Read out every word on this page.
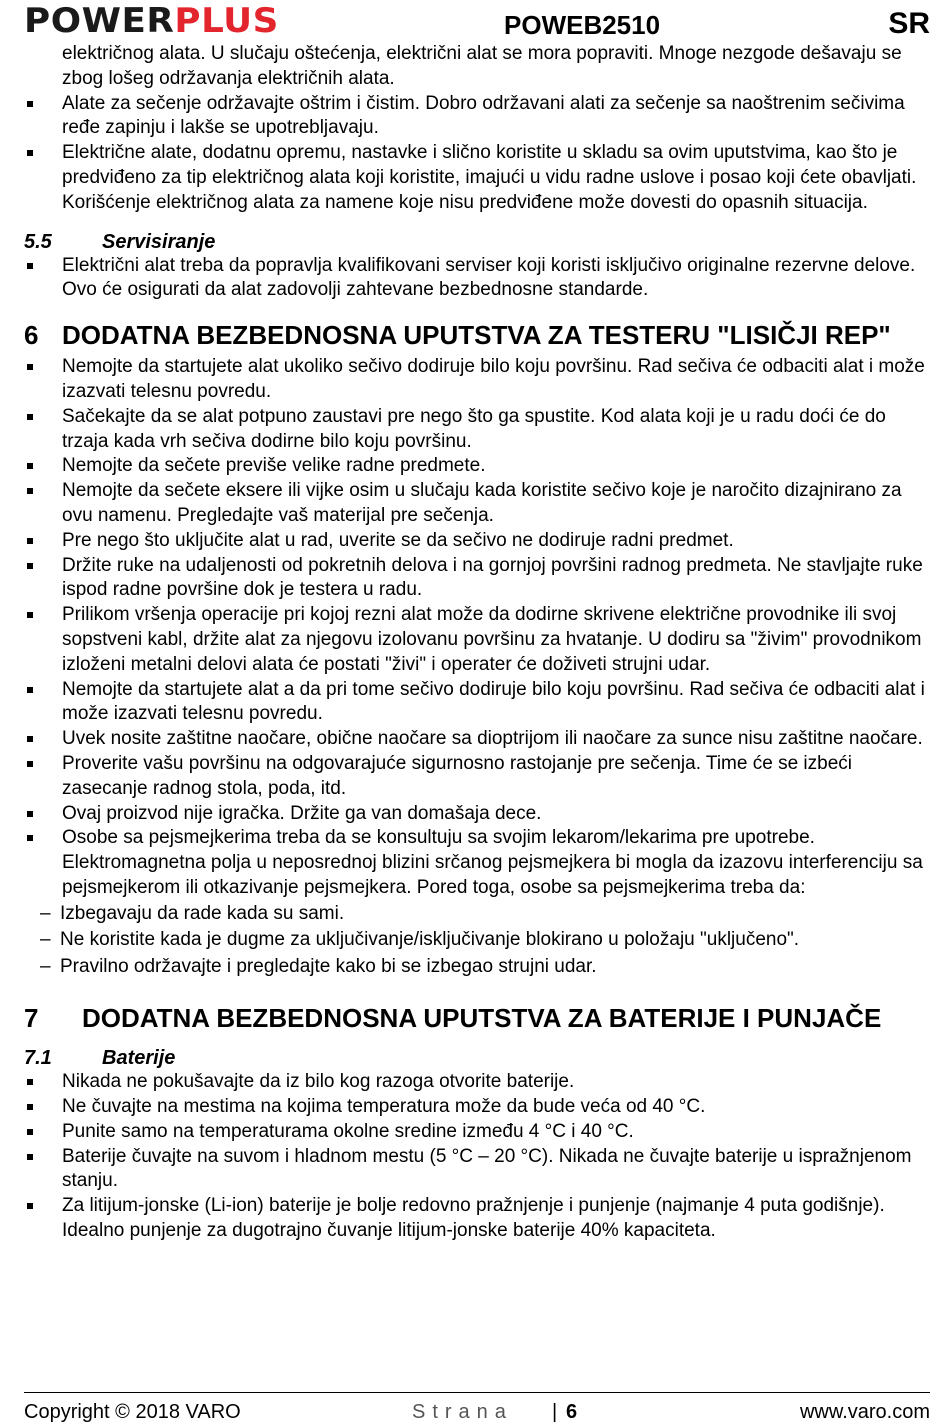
POWERPLUS	POWEB2510	SR

električnog alata. U slučaju oštećenja, električni alat se mora popraviti. Mnoge nezgode dešavaju se zbog lošeg održavanja električnih alata.

Alate za sečenje održavajte oštrim i čistim. Dobro održavani alati za sečenje sa naoštrenim sečivima ređe zapinju i lakše se upotrebljavaju.
Električne alate, dodatnu opremu, nastavke i slično koristite u skladu sa ovim uputstvima, kao što je predviđeno za tip električnog alata koji koristite, imajući u vidu radne uslove i posao koji ćete obavljati. Korišćenje električnog alata za namene koje nisu predviđene može dovesti do opasnih situacija.
5.5	Servisiranje
Električni alat treba da popravlja kvalifikovani serviser koji koristi isključivo originalne rezervne delove. Ovo će osigurati da alat zadovolji zahtevane bezbednosne standarde.
6 DODATNA BEZBEDNOSNA UPUTSTVA ZA TESTERU "LISIČJI REP"
Nemojte da startujete alat ukoliko sečivo dodiruje bilo koju površinu. Rad sečiva će odbaciti alat i može izazvati telesnu povredu.
Sačekajte da se alat potpuno zaustavi pre nego što ga spustite. Kod alata koji je u radu doći će do trzaja kada vrh sečiva dodirne bilo koju površinu.
Nemojte da sečete previše velike radne predmete.
Nemojte da sečete eksere ili vijke osim u slučaju kada koristite sečivo koje je naročito dizajnirano za ovu namenu. Pregledajte vaš materijal pre sečenja.
Pre nego što uključite alat u rad, uverite se da sečivo ne dodiruje radni predmet.
Držite ruke na udaljenosti od pokretnih delova i na gornjoj površini radnog predmeta. Ne stavljajte ruke ispod radne površine dok je testera u radu.
Prilikom vršenja operacije pri kojoj rezni alat može da dodirne skrivene električne provodnike ili svoj sopstveni kabl, držite alat za njegovu izolovanu površinu za hvatanje. U dodiru sa "živim" provodnikom izloženi metalni delovi alata će postati "živi" i operater će doživeti strujni udar.
Nemojte da startujete alat a da pri tome sečivo dodiruje bilo koju površinu. Rad sečiva će odbaciti alat i može izazvati telesnu povredu.
Uvek nosite zaštitne naočare, obične naočare sa dioptrijom ili naočare za sunce nisu zaštitne naočare.
Proverite vašu površinu na odgovarajuće sigurnosno rastojanje pre sečenja. Time će se izbeći zasecanje radnog stola, poda, itd.
Ovaj proizvod nije igračka. Držite ga van domašaja dece.
Osobe sa pejsmejkerima treba da se konsultuju sa svojim lekarom/lekarima pre upotrebe.

Elektromagnetna polja u neposrednoj blizini srčanog pejsmejkera bi mogla da izazovu interferenciju sa pejsmejkerom ili otkazivanje pejsmejkera. Pored toga, osobe sa pejsmejkerima treba da:

– Izbegavaju da rade kada su sami.
– Ne koristite kada je dugme za uključivanje/isključivanje blokirano u položaju "uključeno".
– Pravilno održavajte i pregledajte kako bi se izbegao strujni udar.
7 DODATNA BEZBEDNOSNA UPUTSTVA ZA BATERIJE I PUNJAČE
7.1	Baterije
Nikada ne pokušavajte da iz bilo kog razoga otvorite baterije.
Ne čuvajte na mestima na kojima temperatura može da bude veća od 40 °C.
Punite samo na temperaturama okolne sredine između 4 °C i 40 °C.
Baterije čuvajte na suvom i hladnom mestu (5 °C – 20 °C). Nikada ne čuvajte baterije u ispražnjenom stanju.
Za litijum-jonske (Li-ion) baterije je bolje redovno pražnjenje i punjenje (najmanje 4 puta godišnje). Idealno punjenje za dugotrajno čuvanje litijum-jonske baterije 40% kapaciteta.
Copyright © 2018 VARO	Strana | 6	www.varo.com
